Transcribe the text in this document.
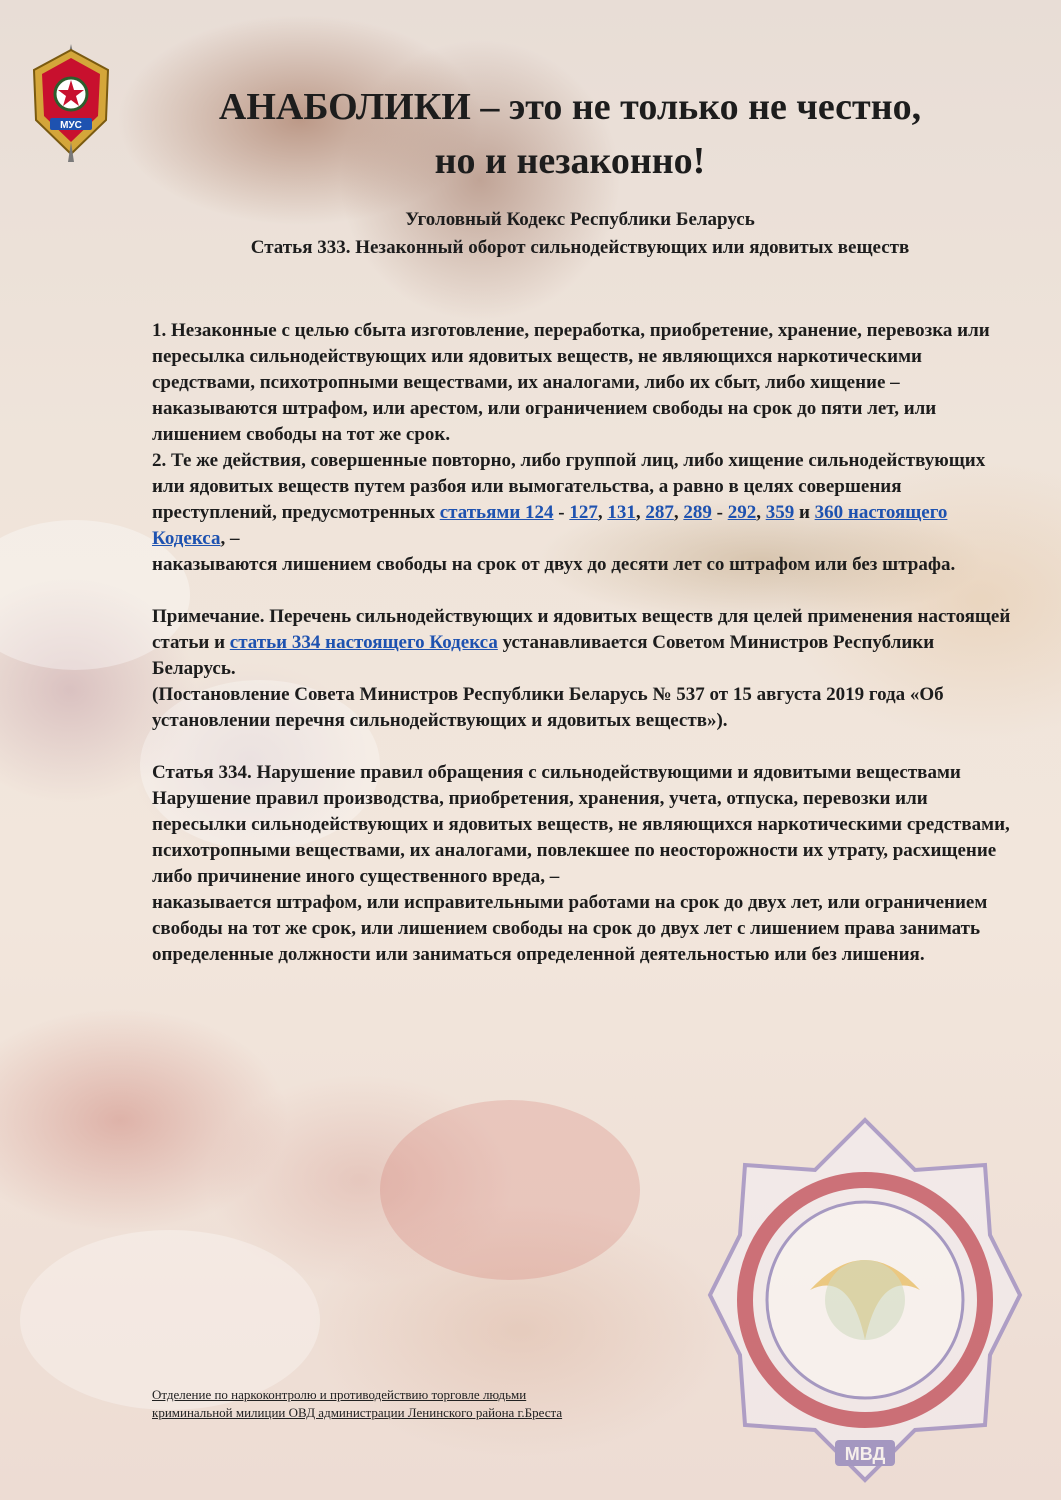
МУС
МВД
АНАБОЛИКИ – это не только не честно, но и незаконно!
Уголовный Кодекс Республики Беларусь
Статья 333. Незаконный оборот сильнодействующих или ядовитых веществ

1. Незаконные с целью сбыта изготовление, переработка, приобретение, хранение, перевозка или пересылка сильнодействующих или ядовитых веществ, не являющихся наркотическими средствами, психотропными веществами, их аналогами, либо их сбыт, либо хищение –

наказываются штрафом, или арестом, или ограничением свободы на срок до пяти лет, или лишением свободы на тот же срок.

2. Те же действия, совершенные повторно, либо группой лиц, либо хищение сильнодействующих или ядовитых веществ путем разбоя или вымогательства, а равно в целях совершения преступлений, предусмотренных статьями 124 - 127, 131, 287, 289 - 292, 359 и 360 настоящего Кодекса, –

наказываются лишением свободы на срок от двух до десяти лет со штрафом или без штрафа.

Примечание. Перечень сильнодействующих и ядовитых веществ для целей применения настоящей статьи и статьи 334 настоящего Кодекса устанавливается Советом Министров Республики Беларусь.

(Постановление Совета Министров Республики Беларусь № 537 от 15 августа 2019 года «Об установлении перечня сильнодействующих и ядовитых веществ»).

Статья 334. Нарушение правил обращения с сильнодействующими и ядовитыми веществами

Нарушение правил производства, приобретения, хранения, учета, отпуска, перевозки или пересылки сильнодействующих и ядовитых веществ, не являющихся наркотическими средствами, психотропными веществами, их аналогами, повлекшее по неосторожности их утрату, расхищение либо причинение иного существенного вреда, –

наказывается штрафом, или исправительными работами на срок до двух лет, или ограничением свободы на тот же срок, или лишением свободы на срок до двух лет с лишением права занимать определенные должности или заниматься определенной деятельностью или без лишения.

Отделение по наркоконтролю и противодействию торговле людьми
криминальной милиции ОВД администрации Ленинского района г.Бреста
